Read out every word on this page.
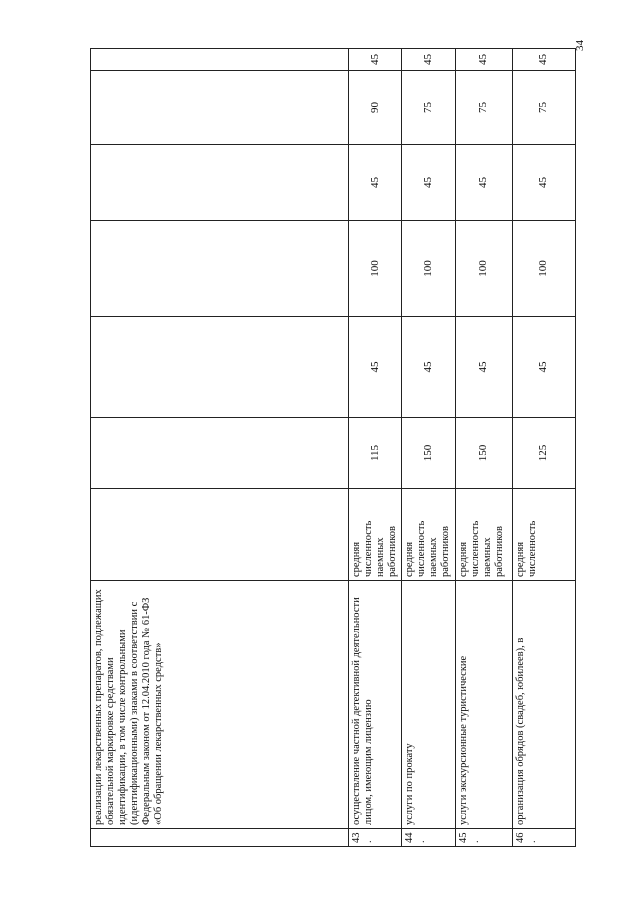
34
	реализации лекарственных препаратов, подлежащих обязательной маркировке средствами идентификации, в том числе контрольными (идентификационными) знаками в соответствии с Федеральным законом от 12.04.2010 года № 61-ФЗ «Об обращении лекарственных средств»							
43.	осуществление частной детективной деятельности лицом, имеющим лицензию	средняя численность наемных работников	115	45	100	45	90	45
44.	услуги по прокату	средняя численность наемных работников	150	45	100	45	75	45
45.	услуги экскурсионные туристические	средняя численность наемных работников	150	45	100	45	75	45
46.	организация обрядов (свадеб, юбилеев), в	средняя численность	125	45	100	45	75	45
